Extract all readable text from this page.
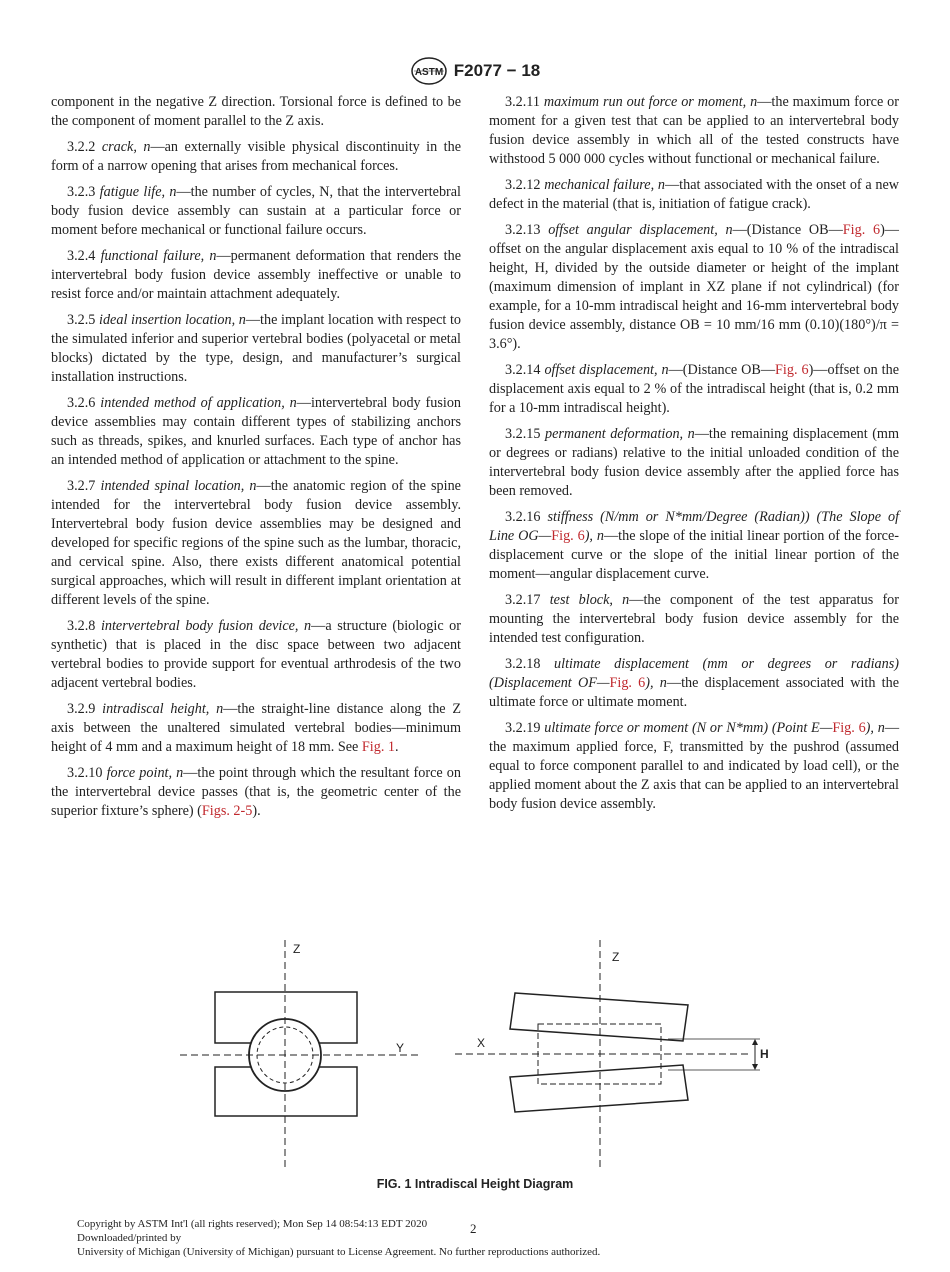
ASTM F2077 − 18

component in the negative Z direction. Torsional force is defined to be the component of moment parallel to the Z axis.

3.2.2 crack, n—an externally visible physical discontinuity in the form of a narrow opening that arises from mechanical forces.

3.2.3 fatigue life, n—the number of cycles, N, that the intervertebral body fusion device assembly can sustain at a particular force or moment before mechanical or functional failure occurs.

3.2.4 functional failure, n—permanent deformation that renders the intervertebral body fusion device assembly ineffective or unable to resist force and/or maintain attachment adequately.

3.2.5 ideal insertion location, n—the implant location with respect to the simulated inferior and superior vertebral bodies (polyacetal or metal blocks) dictated by the type, design, and manufacturer’s surgical installation instructions.

3.2.6 intended method of application, n—intervertebral body fusion device assemblies may contain different types of stabilizing anchors such as threads, spikes, and knurled surfaces. Each type of anchor has an intended method of application or attachment to the spine.

3.2.7 intended spinal location, n—the anatomic region of the spine intended for the intervertebral body fusion device assembly. Intervertebral body fusion device assemblies may be designed and developed for specific regions of the spine such as the lumbar, thoracic, and cervical spine. Also, there exists different anatomical potential surgical approaches, which will result in different implant orientation at different levels of the spine.

3.2.8 intervertebral body fusion device, n—a structure (biologic or synthetic) that is placed in the disc space between two adjacent vertebral bodies to provide support for eventual arthrodesis of the two adjacent vertebral bodies.

3.2.9 intradiscal height, n—the straight-line distance along the Z axis between the unaltered simulated vertebral bodies—minimum height of 4 mm and a maximum height of 18 mm. See Fig. 1.

3.2.10 force point, n—the point through which the resultant force on the intervertebral device passes (that is, the geometric center of the superior fixture’s sphere) (Figs. 2-5).

3.2.11 maximum run out force or moment, n—the maximum force or moment for a given test that can be applied to an intervertebral body fusion device assembly in which all of the tested constructs have withstood 5 000 000 cycles without functional or mechanical failure.

3.2.12 mechanical failure, n—that associated with the onset of a new defect in the material (that is, initiation of fatigue crack).

3.2.13 offset angular displacement, n—(Distance OB—Fig. 6)—offset on the angular displacement axis equal to 10 % of the intradiscal height, H, divided by the outside diameter or height of the implant (maximum dimension of implant in XZ plane if not cylindrical) (for example, for a 10-mm intradiscal height and 16-mm intervertebral body fusion device assembly, distance OB = 10 mm/16 mm (0.10)(180°)/π = 3.6°).

3.2.14 offset displacement, n—(Distance OB—Fig. 6)—offset on the displacement axis equal to 2 % of the intradiscal height (that is, 0.2 mm for a 10-mm intradiscal height).

3.2.15 permanent deformation, n—the remaining displacement (mm or degrees or radians) relative to the initial unloaded condition of the intervertebral body fusion device assembly after the applied force has been removed.

3.2.16 stiffness (N/mm or N*mm/Degree (Radian)) (The Slope of Line OG—Fig. 6), n—the slope of the initial linear portion of the force-displacement curve or the slope of the initial linear portion of the moment—angular displacement curve.

3.2.17 test block, n—the component of the test apparatus for mounting the intervertebral body fusion device assembly for the intended test configuration.

3.2.18 ultimate displacement (mm or degrees or radians) (Displacement OF—Fig. 6), n—the displacement associated with the ultimate force or ultimate moment.

3.2.19 ultimate force or moment (N or N*mm) (Point E—Fig. 6), n—the maximum applied force, F, transmitted by the pushrod (assumed equal to force component parallel to and indicated by load cell), or the applied moment about the Z axis that can be applied to an intervertebral body fusion device assembly.

Z
Y
Z
X
H
FIG. 1 Intradiscal Height Diagram
Copyright by ASTM Int'l (all rights reserved); Mon Sep 14 08:54:13 EDT 2020
Downloaded/printed by
University of Michigan (University of Michigan) pursuant to License Agreement. No further reproductions authorized.
2
